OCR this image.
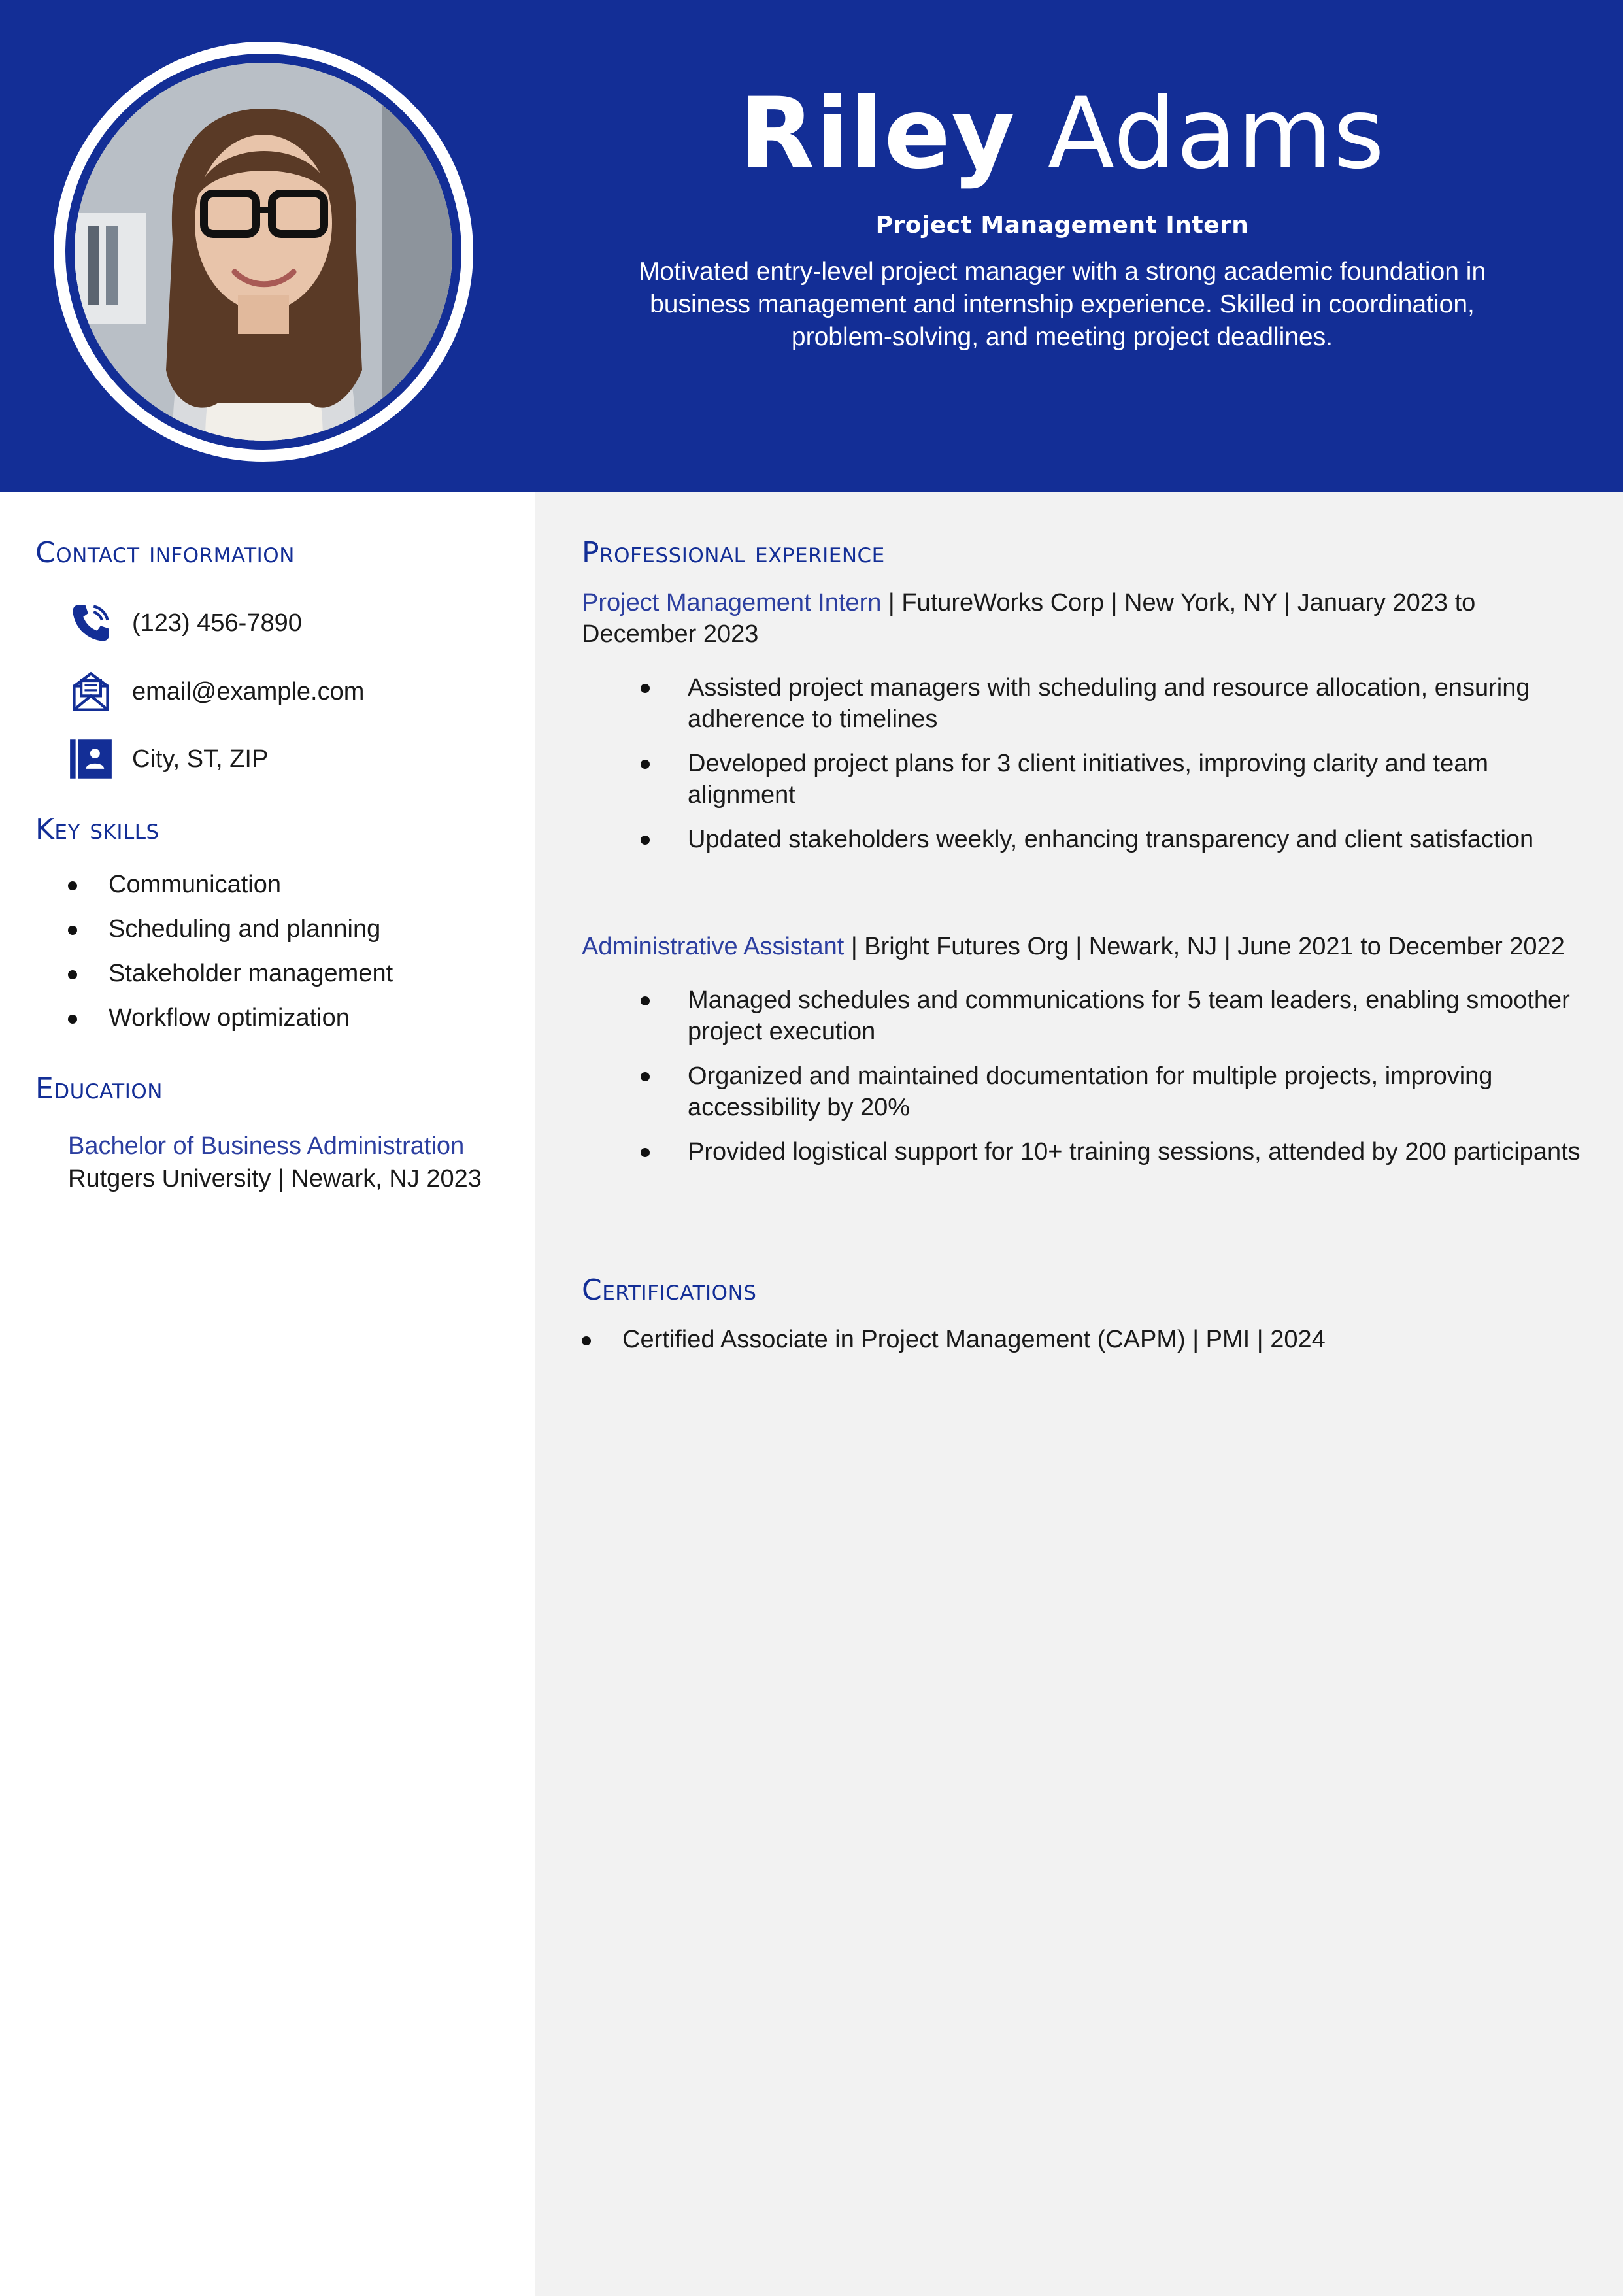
Riley Adams
Project Management Intern
Motivated entry-level project manager with a strong academic foundation in business management and internship experience. Skilled in coordination, problem-solving, and meeting project deadlines.
Contact information
(123) 456-7890
email@example.com
City, ST, ZIP
Key skills
Communication
Scheduling and planning
Stakeholder management
Workflow optimization
Education
Bachelor of Business Administration
Rutgers University | Newark, NJ 2023
Professional experience
Project Management Intern | FutureWorks Corp | New York, NY | January 2023 to December 2023
Assisted project managers with scheduling and resource allocation, ensuring adherence to timelines
Developed project plans for 3 client initiatives, improving clarity and team alignment
Updated stakeholders weekly, enhancing transparency and client satisfaction
Administrative Assistant | Bright Futures Org | Newark, NJ | June 2021 to December 2022
Managed schedules and communications for 5 team leaders, enabling smoother project execution
Organized and maintained documentation for multiple projects, improving accessibility by 20%
Provided logistical support for 10+ training sessions, attended by 200 participants
Certifications
Certified Associate in Project Management (CAPM) | PMI | 2024
